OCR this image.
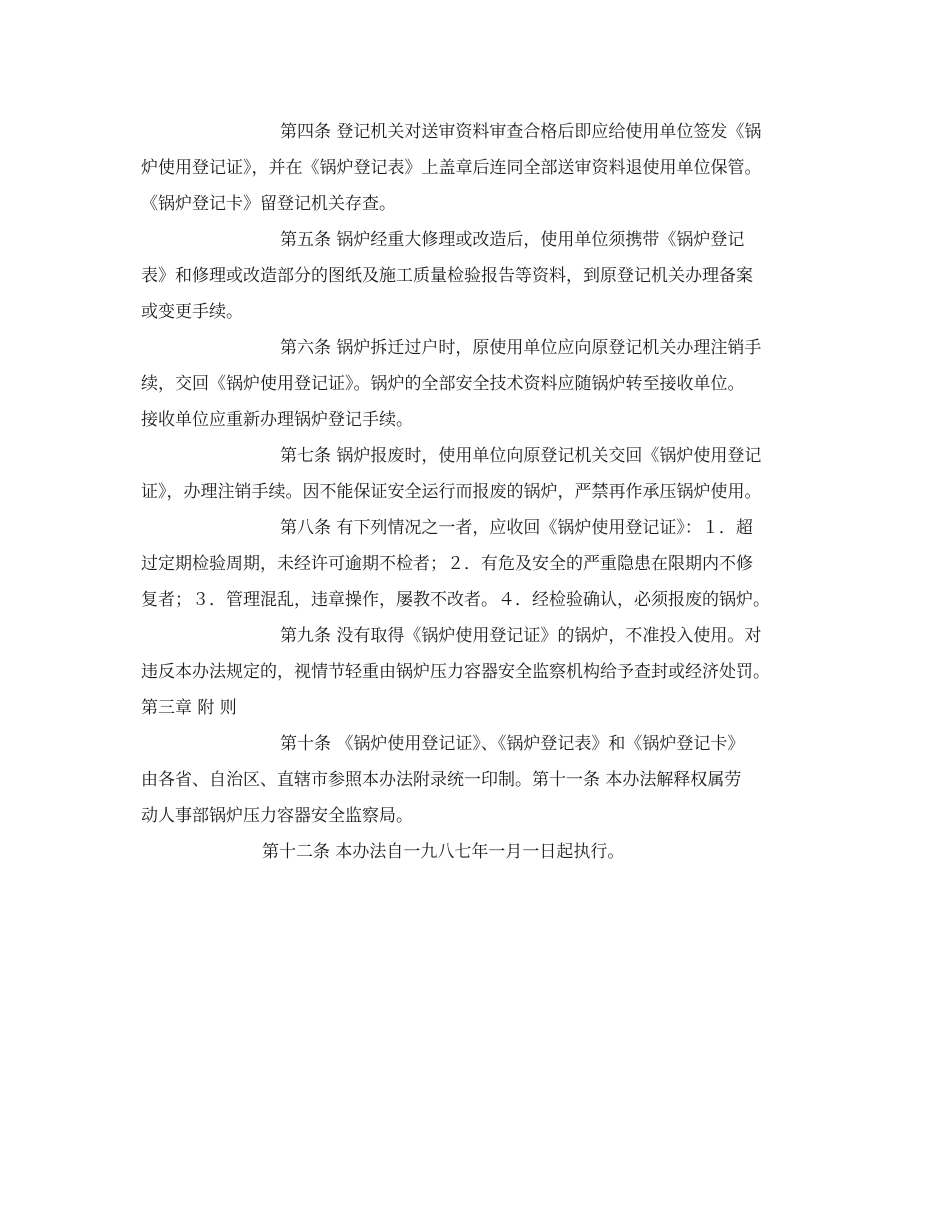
第四条 登记机关对送审资料审查合格后即应给使用单位签发《锅
炉使用登记证》，并在《锅炉登记表》上盖章后连同全部送审资料退使用单位保管。
《锅炉登记卡》留登记机关存查。
第五条 锅炉经重大修理或改造后，使用单位须携带《锅炉登记
表》和修理或改造部分的图纸及施工质量检验报告等资料，到原登记机关办理备案
或变更手续。
第六条 锅炉拆迁过户时，原使用单位应向原登记机关办理注销手
续，交回《锅炉使用登记证》。锅炉的全部安全技术资料应随锅炉转至接收单位。
接收单位应重新办理锅炉登记手续。
第七条 锅炉报废时，使用单位向原登记机关交回《锅炉使用登记
证》，办理注销手续。因不能保证安全运行而报废的锅炉，严禁再作承压锅炉使用。
第八条 有下列情况之一者，应收回《锅炉使用登记证》：１．超
过定期检验周期，未经许可逾期不检者；２．有危及安全的严重隐患在限期内不修
复者；３．管理混乱，违章操作，屡教不改者。４．经检验确认，必须报废的锅炉。
第九条 没有取得《锅炉使用登记证》的锅炉，不准投入使用。对
违反本办法规定的，视情节轻重由锅炉压力容器安全监察机构给予查封或经济处罚。
第三章 附 则
第十条 《锅炉使用登记证》、《锅炉登记表》和《锅炉登记卡》
由各省、自治区、直辖市参照本办法附录统一印制。第十一条 本办法解释权属劳
动人事部锅炉压力容器安全监察局。
第十二条 本办法自一九八七年一月一日起执行。
